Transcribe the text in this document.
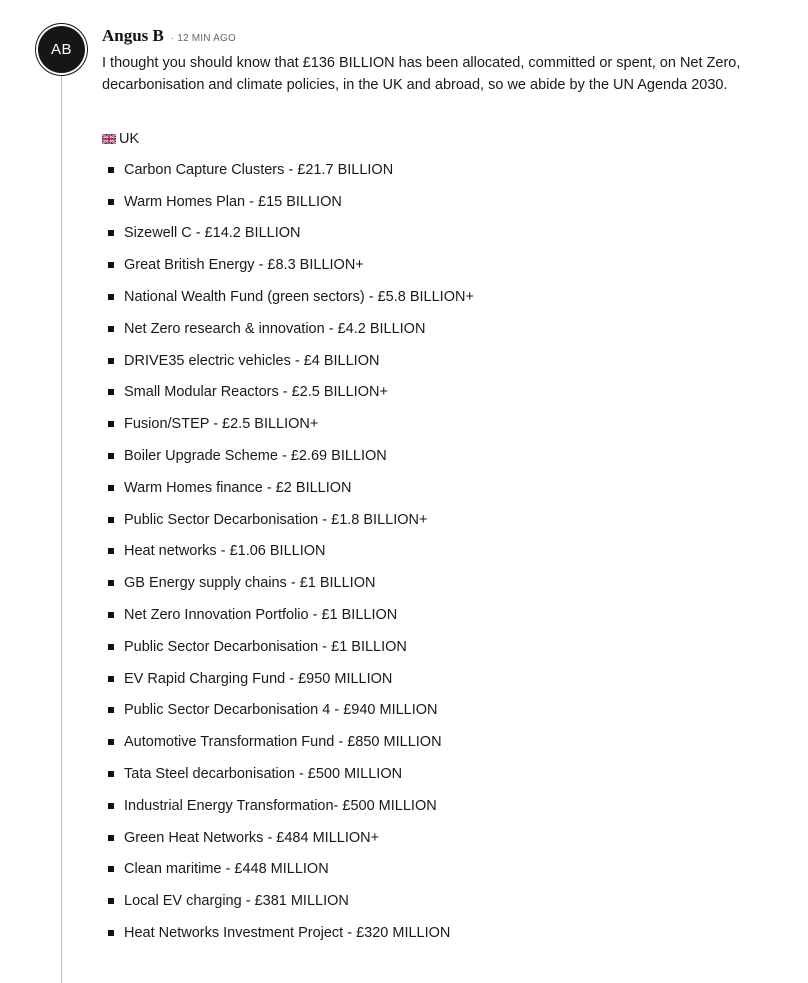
AB
Angus B · 12 MIN AGO
I thought you should know that £136 BILLION has been allocated, committed or spent, on Net Zero, decarbonisation and climate policies, in the UK and abroad, so we abide by the UN Agenda 2030.
UK
Carbon Capture Clusters - £21.7 BILLION
Warm Homes Plan - £15 BILLION
Sizewell C - £14.2 BILLION
Great British Energy - £8.3 BILLION+
National Wealth Fund (green sectors) - £5.8 BILLION+
Net Zero research & innovation - £4.2 BILLION
DRIVE35 electric vehicles - £4 BILLION
Small Modular Reactors - £2.5 BILLION+
Fusion/STEP - £2.5 BILLION+
Boiler Upgrade Scheme - £2.69 BILLION
Warm Homes finance - £2 BILLION
Public Sector Decarbonisation - £1.8 BILLION+
Heat networks - £1.06 BILLION
GB Energy supply chains - £1 BILLION
Net Zero Innovation Portfolio - £1 BILLION
Public Sector Decarbonisation - £1 BILLION
EV Rapid Charging Fund - £950 MILLION
Public Sector Decarbonisation 4 - £940 MILLION
Automotive Transformation Fund - £850 MILLION
Tata Steel decarbonisation - £500 MILLION
Industrial Energy Transformation- £500 MILLION
Green Heat Networks - £484 MILLION+
Clean maritime - £448 MILLION
Local EV charging - £381 MILLION
Heat Networks Investment Project - £320 MILLION
